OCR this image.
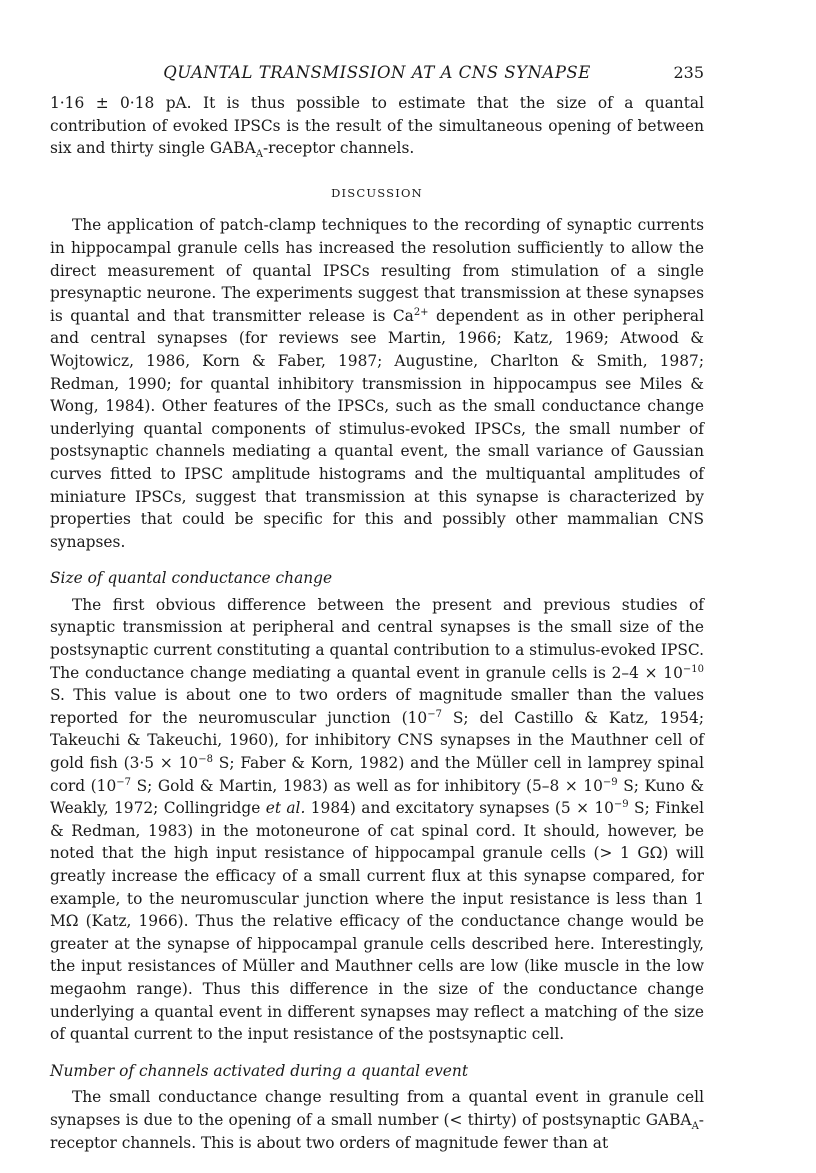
QUANTAL TRANSMISSION AT A CNS SYNAPSE	235

1·16 ± 0·18 pA. It is thus possible to estimate that the size of a quantal contribution of evoked IPSCs is the result of the simultaneous opening of between six and thirty single $GABA_A$-receptor channels.

DISCUSSION

The application of patch-clamp techniques to the recording of synaptic currents in hippocampal granule cells has increased the resolution sufficiently to allow the direct measurement of quantal IPSCs resulting from stimulation of a single presynaptic neurone. The experiments suggest that transmission at these synapses is quantal and that transmitter release is $Ca^{2+}$ dependent as in other peripheral and central synapses (for reviews see Martin, 1966; Katz, 1969; Atwood & Wojtowicz, 1986, Korn & Faber, 1987; Augustine, Charlton & Smith, 1987; Redman, 1990; for quantal inhibitory transmission in hippocampus see Miles & Wong, 1984). Other features of the IPSCs, such as the small conductance change underlying quantal components of stimulus-evoked IPSCs, the small number of postsynaptic channels mediating a quantal event, the small variance of Gaussian curves fitted to IPSC amplitude histograms and the multiquantal amplitudes of miniature IPSCs, suggest that transmission at this synapse is characterized by properties that could be specific for this and possibly other mammalian CNS synapses.

Size of quantal conductance change

The first obvious difference between the present and previous studies of synaptic transmission at peripheral and central synapses is the small size of the postsynaptic current constituting a quantal contribution to a stimulus-evoked IPSC. The conductance change mediating a quantal event in granule cells is $2-4 \times 10^{-10}$ S. This value is about one to two orders of magnitude smaller than the values reported for the neuromuscular junction ($10^{-7}$ S; del Castillo & Katz, 1954; Takeuchi & Takeuchi, 1960), for inhibitory CNS synapses in the Mauthner cell of gold fish ($3\cdot 5 \times 10^{-8}$ S; Faber & Korn, 1982) and the Müller cell in lamprey spinal cord ($10^{-7}$ S; Gold & Martin, 1983) as well as for inhibitory ($5-8 \times 10^{-9}$ S; Kuno & Weakly, 1972; Collingridge et al. 1984) and excitatory synapses ($5 \times 10^{-9}$ S; Finkel & Redman, 1983) in the motoneurone of cat spinal cord. It should, however, be noted that the high input resistance of hippocampal granule cells (> 1 GΩ) will greatly increase the efficacy of a small current flux at this synapse compared, for example, to the neuromuscular junction where the input resistance is less than 1 MΩ (Katz, 1966). Thus the relative efficacy of the conductance change would be greater at the synapse of hippocampal granule cells described here. Interestingly, the input resistances of Müller and Mauthner cells are low (like muscle in the low megaohm range). Thus this difference in the size of the conductance change underlying a quantal event in different synapses may reflect a matching of the size of quantal current to the input resistance of the postsynaptic cell.

Number of channels activated during a quantal event

The small conductance change resulting from a quantal event in granule cell synapses is due to the opening of a small number (< thirty) of postsynaptic $GABA_A$-receptor channels. This is about two orders of magnitude fewer than at
